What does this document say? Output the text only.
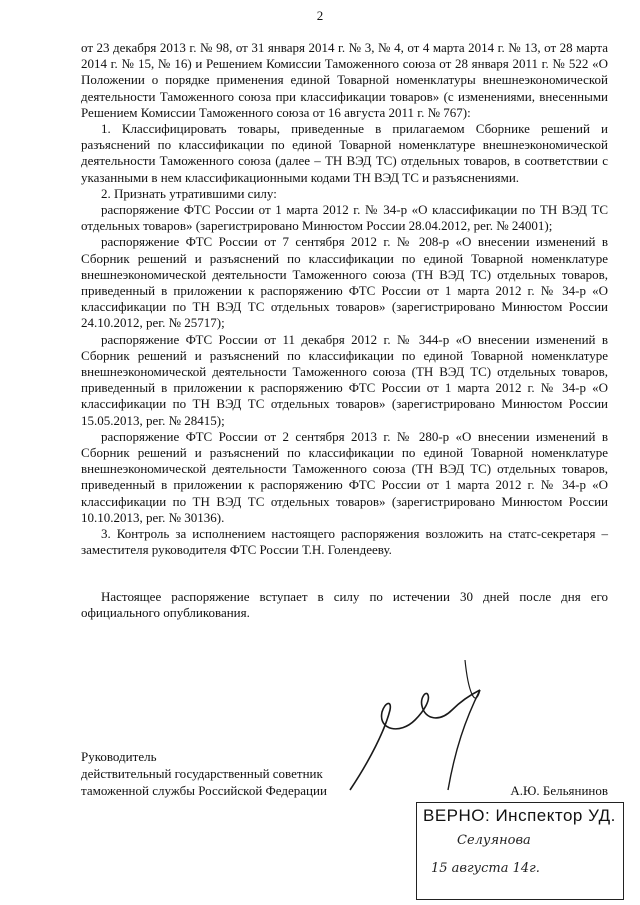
2

от 23 декабря 2013 г. № 98, от 31 января 2014 г. № 3, № 4, от 4 марта 2014 г. № 13, от 28 марта 2014 г. № 15, № 16) и Решением Комиссии Таможенного союза от 28 января 2011 г. № 522 «О Положении о порядке применения единой Товарной номенклатуры внешнеэкономической деятельности Таможенного союза при классификации товаров» (с изменениями, внесенными Решением Комиссии Таможенного союза от 16 августа 2011 г. № 767):

1. Классифицировать товары, приведенные в прилагаемом Сборнике решений и разъяснений по классификации по единой Товарной номенклатуре внешнеэкономической деятельности Таможенного союза (далее – ТН ВЭД ТС) отдельных товаров, в соответствии с указанными в нем классификационными кодами ТН ВЭД ТС и разъяснениями.

2. Признать утратившими силу:

распоряжение ФТС России от 1 марта 2012 г. № 34-р «О классификации по ТН ВЭД ТС отдельных товаров» (зарегистрировано Минюстом России 28.04.2012, рег. № 24001);

распоряжение ФТС России от 7 сентября 2012 г. № 208-р «О внесении изменений в Сборник решений и разъяснений по классификации по единой Товарной номенклатуре внешнеэкономической деятельности Таможенного союза (ТН ВЭД ТС) отдельных товаров, приведенный в приложении к распоряжению ФТС России от 1 марта 2012 г. № 34-р «О классификации по ТН ВЭД ТС отдельных товаров» (зарегистрировано Минюстом России 24.10.2012, рег. № 25717);

распоряжение ФТС России от 11 декабря 2012 г. № 344-р «О внесении изменений в Сборник решений и разъяснений по классификации по единой Товарной номенклатуре внешнеэкономической деятельности Таможенного союза (ТН ВЭД ТС) отдельных товаров, приведенный в приложении к распоряжению ФТС России от 1 марта 2012 г. № 34-р «О классификации по ТН ВЭД ТС отдельных товаров» (зарегистрировано Минюстом России 15.05.2013, рег. № 28415);

распоряжение ФТС России от 2 сентября 2013 г. № 280-р «О внесении изменений в Сборник решений и разъяснений по классификации по единой Товарной номенклатуре внешнеэкономической деятельности Таможенного союза (ТН ВЭД ТС) отдельных товаров, приведенный в приложении к распоряжению ФТС России от 1 марта 2012 г. № 34-р «О классификации по ТН ВЭД ТС отдельных товаров» (зарегистрировано Минюстом России 10.10.2013, рег. № 30136).

3. Контроль за исполнением настоящего распоряжения возложить на статс-секретаря – заместителя руководителя ФТС России Т.Н. Голендееву.

Настоящее распоряжение вступает в силу по истечении 30 дней после дня его официального опубликования.

Руководитель
действительный государственный советник
таможенной службы Российской Федерации	А.Ю. Бельянинов
ВЕРНО: Инспектор УД.
Селуянова
15 августа 14г.
